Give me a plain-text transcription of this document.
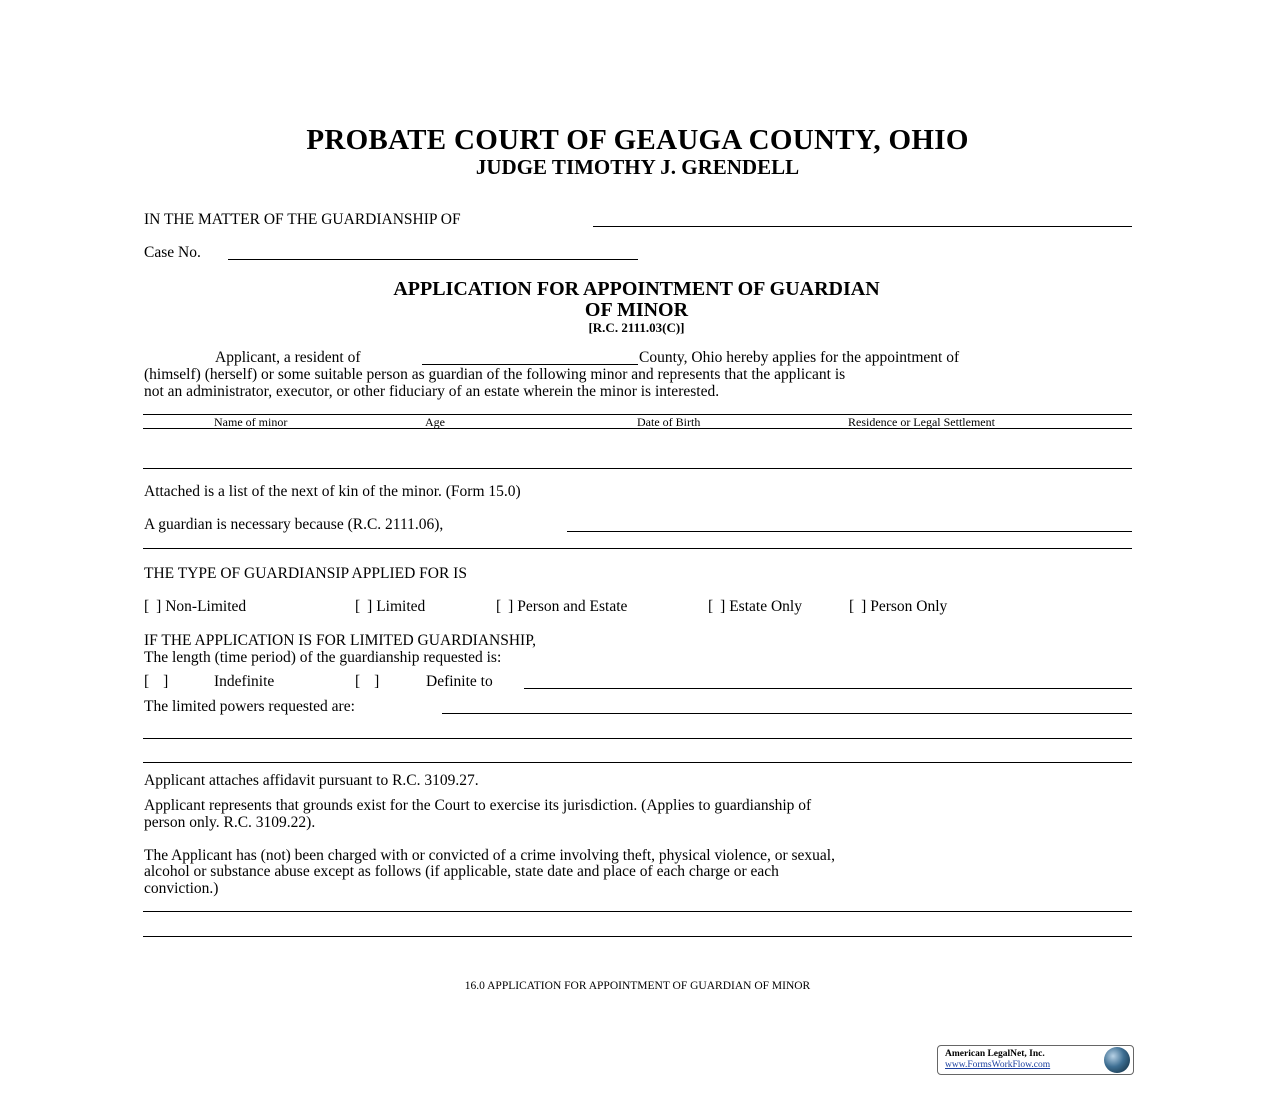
PROBATE COURT OF GEAUGA COUNTY, OHIO
JUDGE TIMOTHY J. GRENDELL
IN THE MATTER OF THE GUARDIANSHIP OF
Case No.
APPLICATION FOR APPOINTMENT OF GUARDIAN
OF MINOR
[R.C. 2111.03(C)]
Applicant, a resident of	County, Ohio hereby applies for the appointment of
(himself) (herself) or some suitable person as guardian of the following minor and represents that the applicant is
not an administrator, executor, or other fiduciary of an estate wherein the minor is interested.
Name of minor	Age	Date of Birth	Residence or Legal Settlement
Attached is a list of the next of kin of the minor. (Form 15.0)
A guardian is necessary because (R.C. 2111.06),
THE TYPE OF GUARDIANSIP APPLIED FOR IS
[ ] Non-Limited	[ ] Limited	[ ] Person and Estate	[ ] Estate Only	[ ] Person Only
IF THE APPLICATION IS FOR LIMITED GUARDIANSHIP,
The length (time period) of the guardianship requested is:
[ ]	Indefinite	[ ]	Definite to
The limited powers requested are:
Applicant attaches affidavit pursuant to R.C. 3109.27.
Applicant represents that grounds exist for the Court to exercise its jurisdiction. (Applies to guardianship of
person only. R.C. 3109.22).
The Applicant has (not) been charged with or convicted of a crime involving theft, physical violence, or sexual,
alcohol or substance abuse except as follows (if applicable, state date and place of each charge or each
conviction.)
16.0 APPLICATION FOR APPOINTMENT OF GUARDIAN OF MINOR
American LegalNet, Inc.
www.FormsWorkFlow.com
